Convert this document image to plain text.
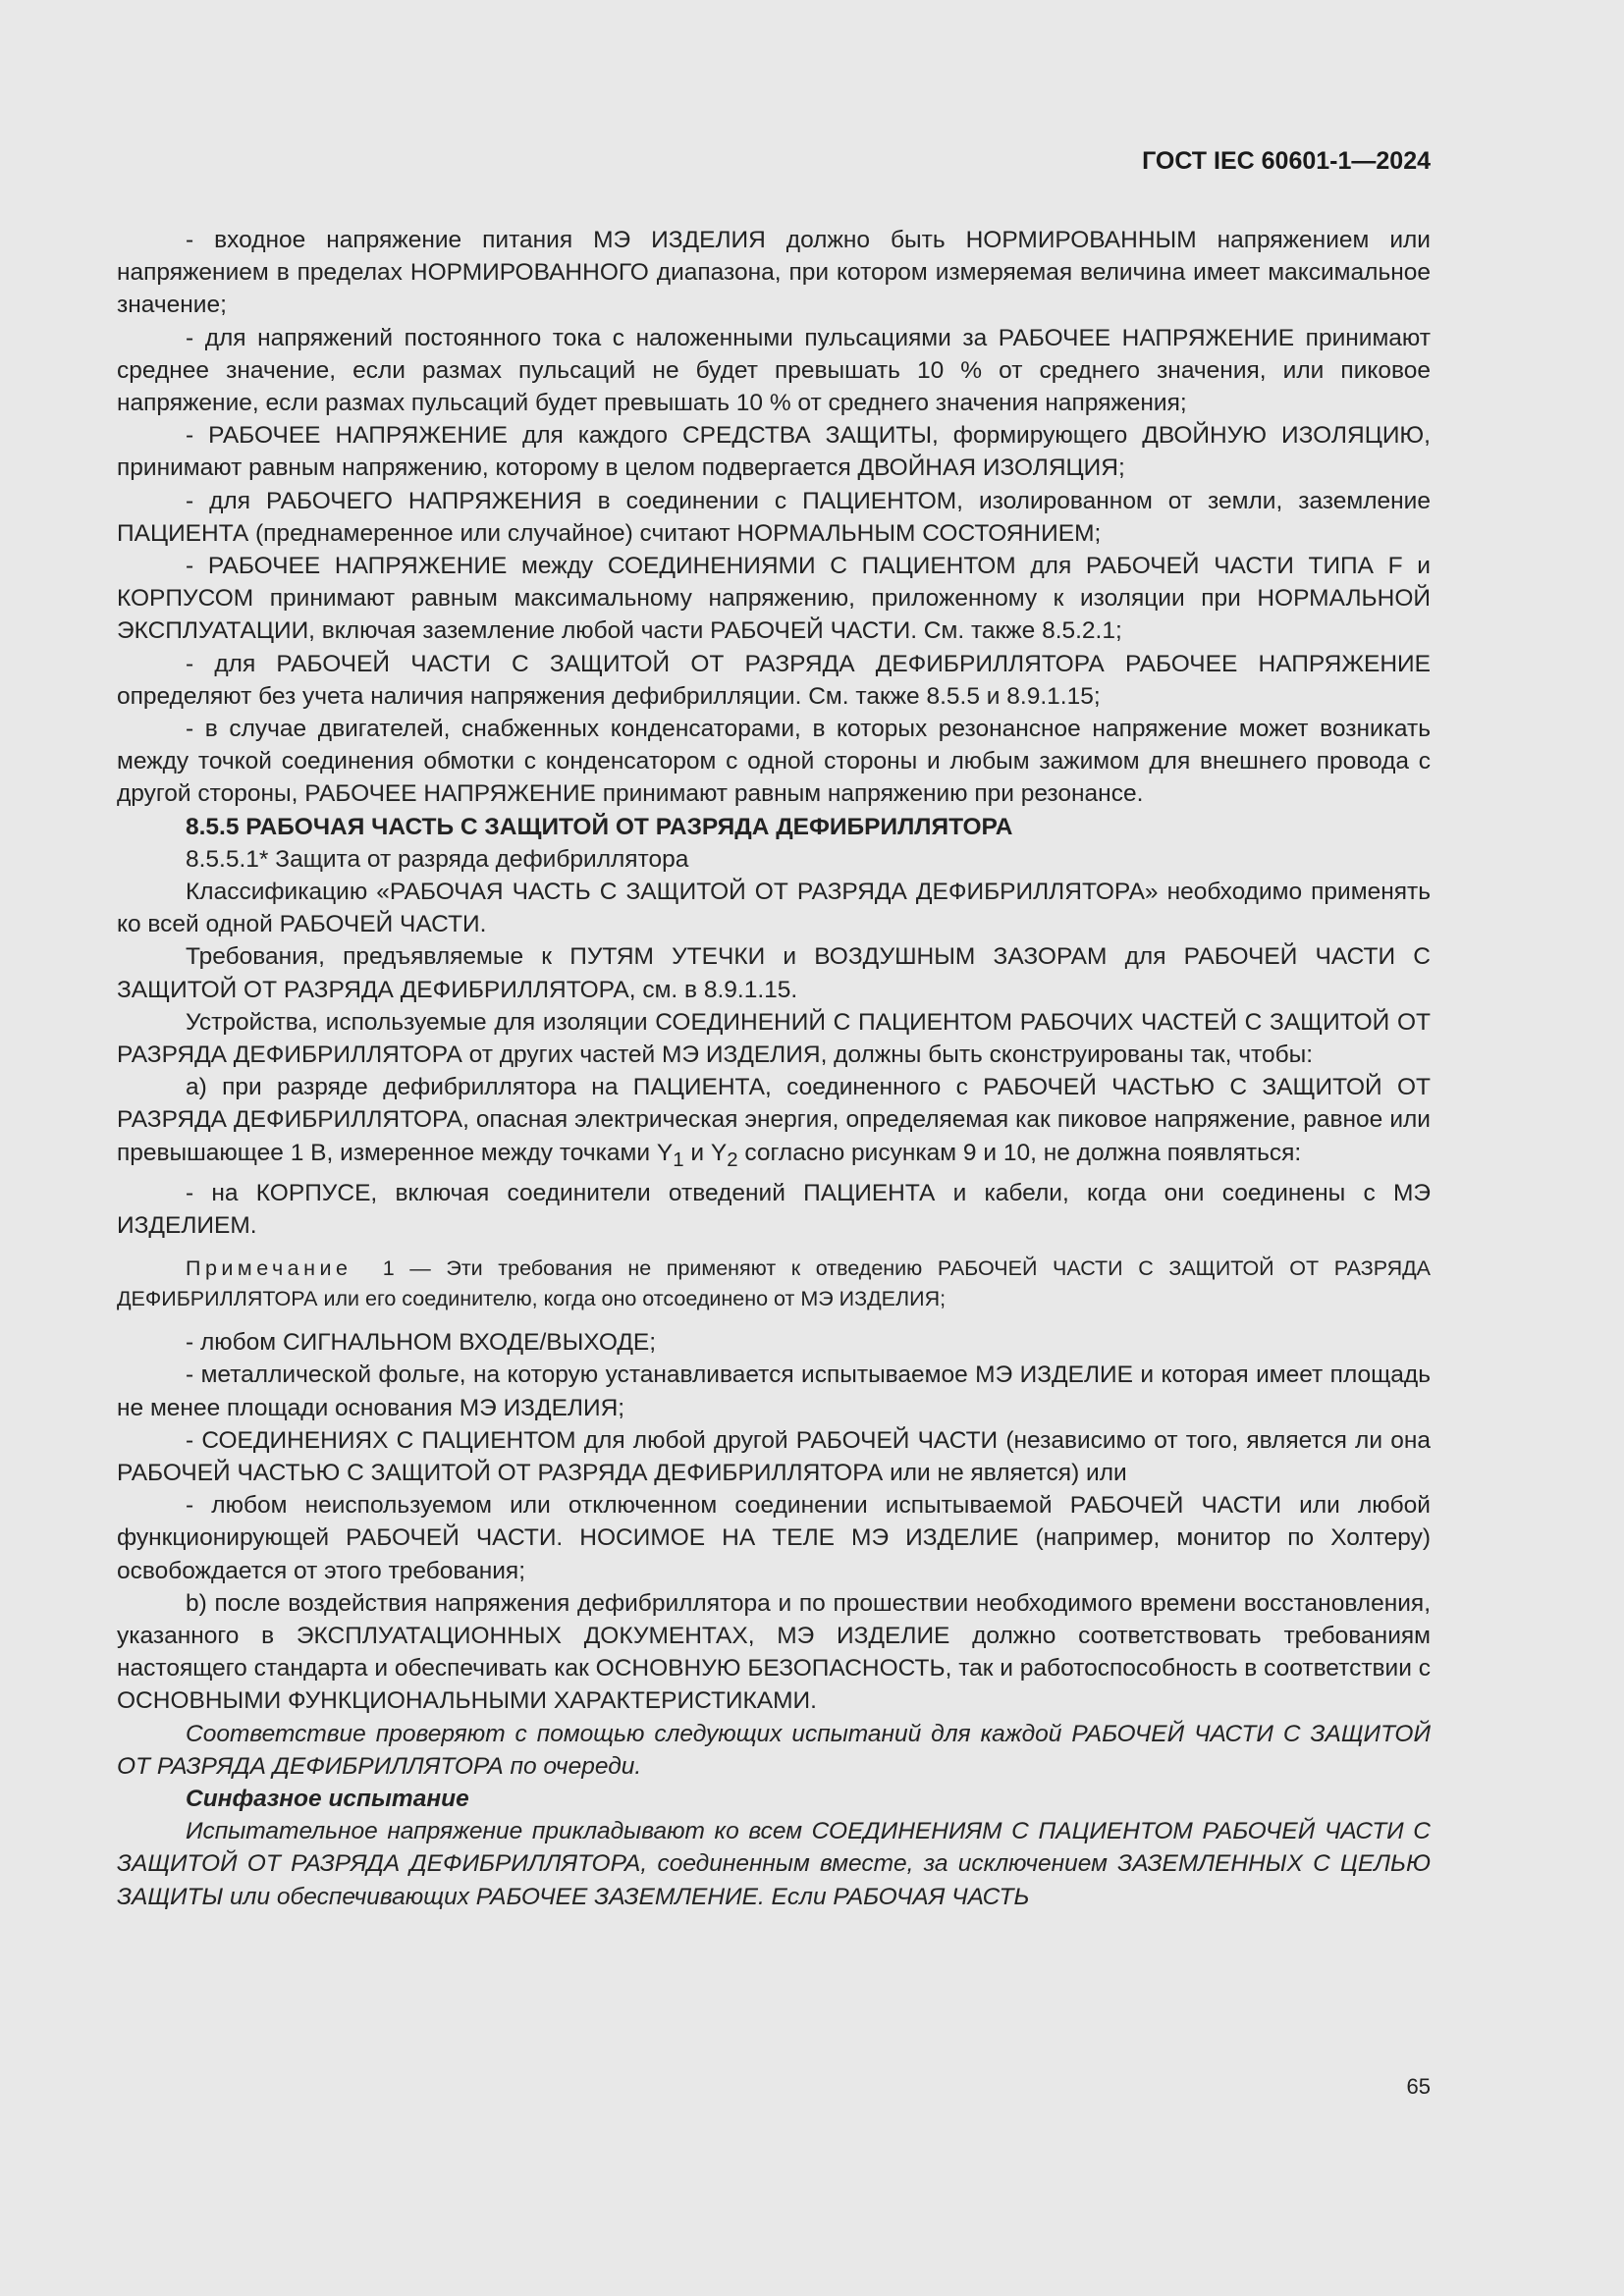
ГОСТ IEC 60601-1—2024

- входное напряжение питания МЭ ИЗДЕЛИЯ должно быть НОРМИРОВАННЫМ напряжением или напряжением в пределах НОРМИРОВАННОГО диапазона, при котором измеряемая величина имеет максимальное значение;

- для напряжений постоянного тока с наложенными пульсациями за РАБОЧЕЕ НАПРЯЖЕНИЕ принимают среднее значение, если размах пульсаций не будет превышать 10 % от среднего значения, или пиковое напряжение, если размах пульсаций будет превышать 10 % от среднего значения напряжения;

- РАБОЧЕЕ НАПРЯЖЕНИЕ для каждого СРЕДСТВА ЗАЩИТЫ, формирующего ДВОЙНУЮ ИЗОЛЯЦИЮ, принимают равным напряжению, которому в целом подвергается ДВОЙНАЯ ИЗОЛЯЦИЯ;

- для РАБОЧЕГО НАПРЯЖЕНИЯ в соединении с ПАЦИЕНТОМ, изолированном от земли, заземление ПАЦИЕНТА (преднамеренное или случайное) считают НОРМАЛЬНЫМ СОСТОЯНИЕМ;

- РАБОЧЕЕ НАПРЯЖЕНИЕ между СОЕДИНЕНИЯМИ С ПАЦИЕНТОМ для РАБОЧЕЙ ЧАСТИ ТИПА F и КОРПУСОМ принимают равным максимальному напряжению, приложенному к изоляции при НОРМАЛЬНОЙ ЭКСПЛУАТАЦИИ, включая заземление любой части РАБОЧЕЙ ЧАСТИ. См. также 8.5.2.1;

- для РАБОЧЕЙ ЧАСТИ С ЗАЩИТОЙ ОТ РАЗРЯДА ДЕФИБРИЛЛЯТОРА РАБОЧЕЕ НАПРЯЖЕНИЕ определяют без учета наличия напряжения дефибрилляции. См. также 8.5.5 и 8.9.1.15;

- в случае двигателей, снабженных конденсаторами, в которых резонансное напряжение может возникать между точкой соединения обмотки с конденсатором с одной стороны и любым зажимом для внешнего провода с другой стороны, РАБОЧЕЕ НАПРЯЖЕНИЕ принимают равным напряжению при резонансе.

8.5.5 РАБОЧАЯ ЧАСТЬ С ЗАЩИТОЙ ОТ РАЗРЯДА ДЕФИБРИЛЛЯТОРА

8.5.5.1* Защита от разряда дефибриллятора

Классификацию «РАБОЧАЯ ЧАСТЬ С ЗАЩИТОЙ ОТ РАЗРЯДА ДЕФИБРИЛЛЯТОРА» необходимо применять ко всей одной РАБОЧЕЙ ЧАСТИ.

Требования, предъявляемые к ПУТЯМ УТЕЧКИ и ВОЗДУШНЫМ ЗАЗОРАМ для РАБОЧЕЙ ЧАСТИ С ЗАЩИТОЙ ОТ РАЗРЯДА ДЕФИБРИЛЛЯТОРА, см. в 8.9.1.15.

Устройства, используемые для изоляции СОЕДИНЕНИЙ С ПАЦИЕНТОМ РАБОЧИХ ЧАСТЕЙ С ЗАЩИТОЙ ОТ РАЗРЯДА ДЕФИБРИЛЛЯТОРА от других частей МЭ ИЗДЕЛИЯ, должны быть сконструированы так, чтобы:

a) при разряде дефибриллятора на ПАЦИЕНТА, соединенного с РАБОЧЕЙ ЧАСТЬЮ С ЗАЩИТОЙ ОТ РАЗРЯДА ДЕФИБРИЛЛЯТОРА, опасная электрическая энергия, определяемая как пиковое напряжение, равное или превышающее 1 В, измеренное между точками $Y_1$ и $Y_2$ согласно рисункам 9 и 10, не должна появляться:

- на КОРПУСЕ, включая соединители отведений ПАЦИЕНТА и кабели, когда они соединены с МЭ ИЗДЕЛИЕМ.

Примечание 1 — Эти требования не применяют к отведению РАБОЧЕЙ ЧАСТИ С ЗАЩИТОЙ ОТ РАЗРЯДА ДЕФИБРИЛЛЯТОРА или его соединителю, когда оно отсоединено от МЭ ИЗДЕЛИЯ;

- любом СИГНАЛЬНОМ ВХОДЕ/ВЫХОДЕ;

- металлической фольге, на которую устанавливается испытываемое МЭ ИЗДЕЛИЕ и которая имеет площадь не менее площади основания МЭ ИЗДЕЛИЯ;

- СОЕДИНЕНИЯХ С ПАЦИЕНТОМ для любой другой РАБОЧЕЙ ЧАСТИ (независимо от того, является ли она РАБОЧЕЙ ЧАСТЬЮ С ЗАЩИТОЙ ОТ РАЗРЯДА ДЕФИБРИЛЛЯТОРА или не является) или

- любом неиспользуемом или отключенном соединении испытываемой РАБОЧЕЙ ЧАСТИ или любой функционирующей РАБОЧЕЙ ЧАСТИ. НОСИМОЕ НА ТЕЛЕ МЭ ИЗДЕЛИЕ (например, монитор по Холтеру) освобождается от этого требования;

b) после воздействия напряжения дефибриллятора и по прошествии необходимого времени восстановления, указанного в ЭКСПЛУАТАЦИОННЫХ ДОКУМЕНТАХ, МЭ ИЗДЕЛИЕ должно соответствовать требованиям настоящего стандарта и обеспечивать как ОСНОВНУЮ БЕЗОПАСНОСТЬ, так и работоспособность в соответствии с ОСНОВНЫМИ ФУНКЦИОНАЛЬНЫМИ ХАРАКТЕРИСТИКАМИ.

Соответствие проверяют с помощью следующих испытаний для каждой РАБОЧЕЙ ЧАСТИ С ЗАЩИТОЙ ОТ РАЗРЯДА ДЕФИБРИЛЛЯТОРА по очереди.

Синфазное испытание

Испытательное напряжение прикладывают ко всем СОЕДИНЕНИЯМ С ПАЦИЕНТОМ РАБОЧЕЙ ЧАСТИ С ЗАЩИТОЙ ОТ РАЗРЯДА ДЕФИБРИЛЛЯТОРА, соединенным вместе, за исключением ЗАЗЕМЛЕННЫХ С ЦЕЛЬЮ ЗАЩИТЫ или обеспечивающих РАБОЧЕЕ ЗАЗЕМЛЕНИЕ. Если РАБОЧАЯ ЧАСТЬ

65
